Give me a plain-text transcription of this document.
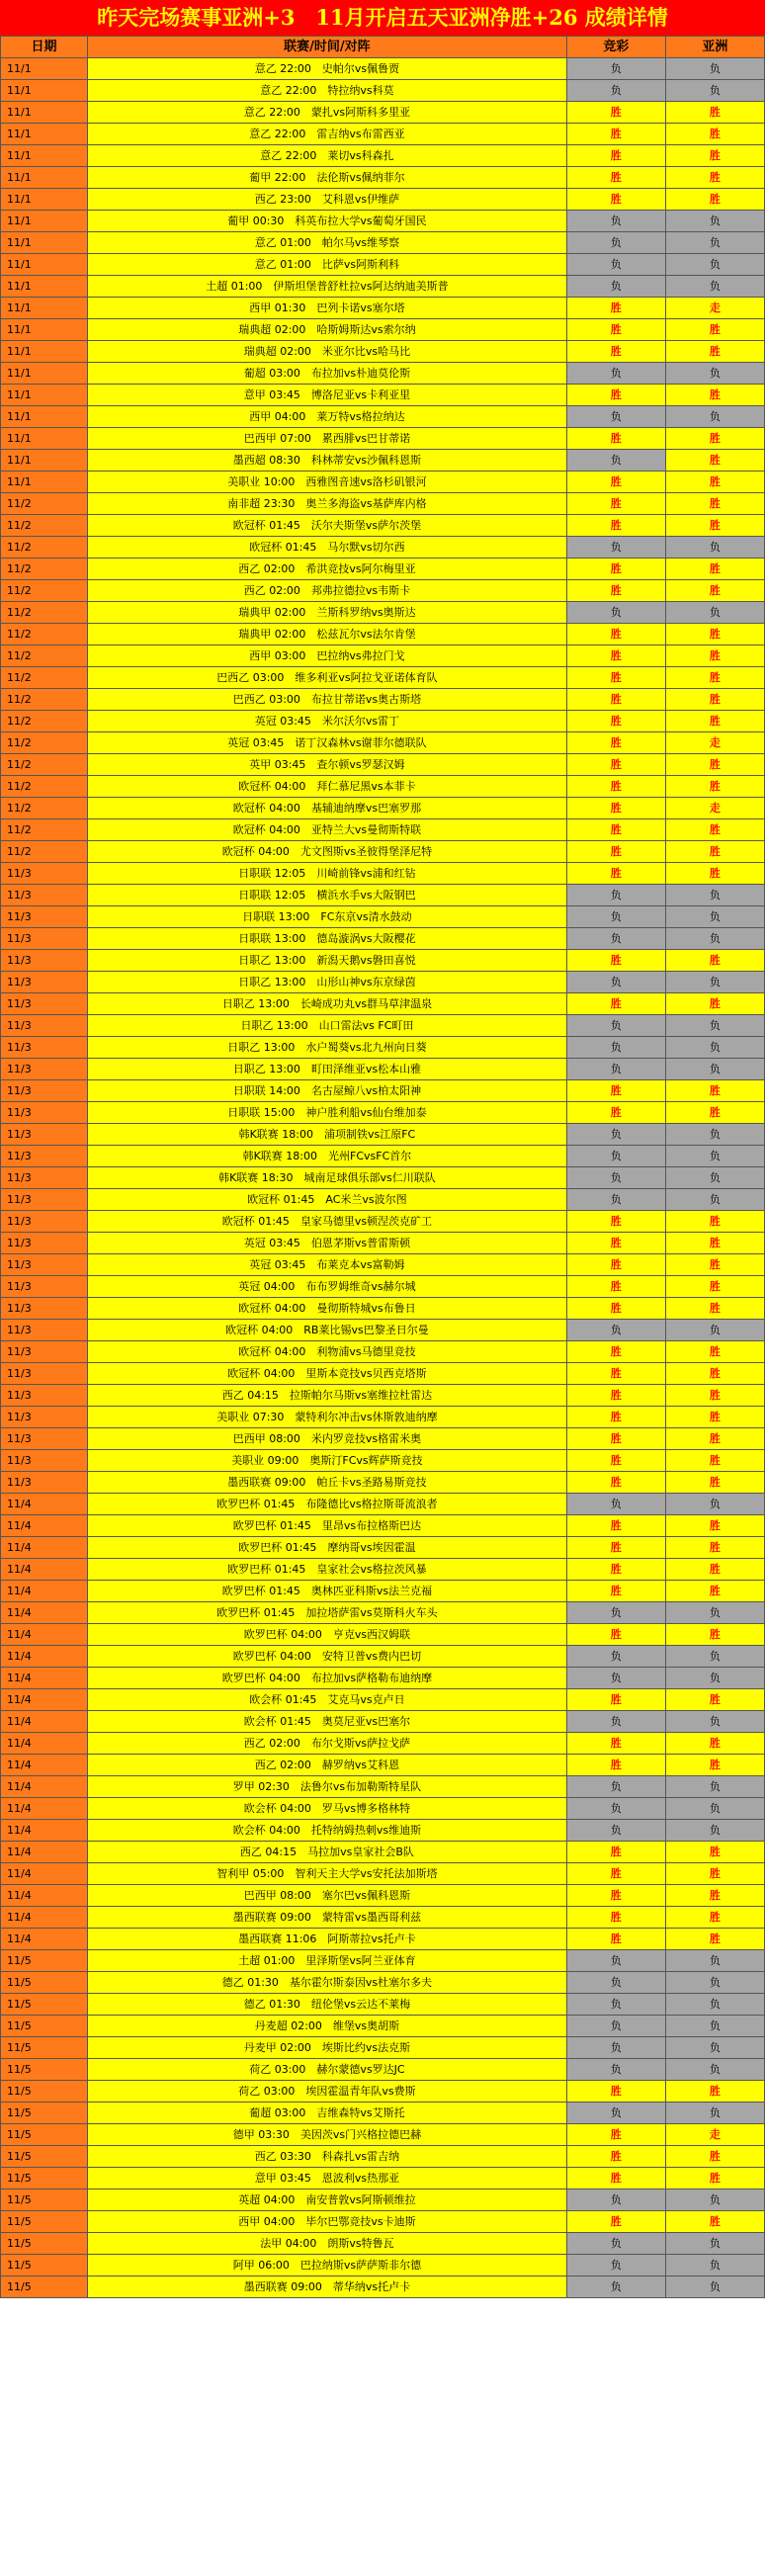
昨天完场赛事亚洲+3　11月开启五天亚洲净胜+26 成绩详情
日期	联赛/时间/对阵	竞彩	亚洲
11/1	意乙 22:00　史帕尔vs佩鲁贾	负	负
11/1	意乙 22:00　特拉纳vs科莫	负	负
11/1	意乙 22:00　蒙扎vs阿斯科多里亚	胜	胜
11/1	意乙 22:00　雷吉纳vs布雷西亚	胜	胜
11/1	意乙 22:00　莱切vs科森扎	胜	胜
11/1	葡甲 22:00　法伦斯vs佩纳菲尔	胜	胜
11/1	西乙 23:00　艾科恩vs伊维萨	胜	胜
11/1	葡甲 00:30　科英布拉大学vs葡萄牙国民	负	负
11/1	意乙 01:00　帕尔马vs维琴察	负	负
11/1	意乙 01:00　比萨vs阿斯利科	负	负
11/1	土超 01:00　伊斯坦堡普舒杜拉vs阿达纳迪美斯普	负	负
11/1	西甲 01:30　巴列卡诺vs塞尔塔	胜	走
11/1	瑞典超 02:00　哈斯姆斯达vs索尔纳	胜	胜
11/1	瑞典超 02:00　米亚尔比vs哈马比	胜	胜
11/1	葡超 03:00　布拉加vs朴迪莫伦斯	负	负
11/1	意甲 03:45　博洛尼亚vs卡利亚里	胜	胜
11/1	西甲 04:00　莱万特vs格拉纳达	负	负
11/1	巴西甲 07:00　累西腓vs巴甘蒂诺	胜	胜
11/1	墨西超 08:30　科林蒂安vs沙佩科恩斯	负	胜
11/1	美职业 10:00　西雅图音速vs洛杉矶银河	胜	胜
11/2	南非超 23:30　奥兰多海盗vs基萨库内格	胜	胜
11/2	欧冠杯 01:45　沃尔夫斯堡vs萨尔茨堡	胜	胜
11/2	欧冠杯 01:45　马尔默vs切尔西	负	负
11/2	西乙 02:00　希洪竞技vs阿尔梅里亚	胜	胜
11/2	西乙 02:00　邦弗拉德拉vs韦斯卡	胜	胜
11/2	瑞典甲 02:00　兰斯科罗纳vs奥斯达	负	负
11/2	瑞典甲 02:00　松兹瓦尔vs法尔肯堡	胜	胜
11/2	西甲 03:00　巴拉纳vs弗拉门戈	胜	胜
11/2	巴西乙 03:00　维多利亚vs阿拉戈亚诺体育队	胜	胜
11/2	巴西乙 03:00　布拉甘蒂诺vs奥古斯塔	胜	胜
11/2	英冠 03:45　米尔沃尔vs雷丁	胜	胜
11/2	英冠 03:45　诺丁汉森林vs谢菲尔德联队	胜	走
11/2	英甲 03:45　查尔顿vs罗瑟汉姆	胜	胜
11/2	欧冠杯 04:00　拜仁慕尼黑vs本菲卡	胜	胜
11/2	欧冠杯 04:00　基辅迪纳摩vs巴塞罗那	胜	走
11/2	欧冠杯 04:00　亚特兰大vs曼彻斯特联	胜	胜
11/2	欧冠杯 04:00　尤文图斯vs圣彼得堡泽尼特	胜	胜
11/3	日职联 12:05　川崎前锋vs浦和红钻	胜	胜
11/3	日职联 12:05　横浜水手vs大阪钢巴	负	负
11/3	日职联 13:00　FC东京vs清水鼓动	负	负
11/3	日职联 13:00　德岛漩涡vs大阪樱花	负	负
11/3	日职乙 13:00　新潟天鹅vs磐田喜悦	胜	胜
11/3	日职乙 13:00　山形山神vs东京绿茵	负	负
11/3	日职乙 13:00　长崎成功丸vs群马草津温泉	胜	胜
11/3	日职乙 13:00　山口雷法vs FC町田	负	负
11/3	日职乙 13:00　水户蜀葵vs北九州向日葵	负	负
11/3	日职乙 13:00　町田泽维亚vs松本山雅	负	负
11/3	日职联 14:00　名古屋鲸八vs柏太阳神	胜	胜
11/3	日职联 15:00　神户胜利船vs仙台维加泰	胜	胜
11/3	韩K联赛 18:00　浦项制铁vs江原FC	负	负
11/3	韩K联赛 18:00　光州FCvsFC首尔	负	负
11/3	韩K联赛 18:30　城南足球俱乐部vs仁川联队	负	负
11/3	欧冠杯 01:45　AC米兰vs波尔图	负	负
11/3	欧冠杯 01:45　皇家马德里vs顿涅茨克矿工	胜	胜
11/3	英冠 03:45　伯恩茅斯vs普雷斯顿	胜	胜
11/3	英冠 03:45　布莱克本vs富勒姆	胜	胜
11/3	英冠 04:00　布布罗姆维奇vs赫尔城	胜	胜
11/3	欧冠杯 04:00　曼彻斯特城vs布鲁日	胜	胜
11/3	欧冠杯 04:00　RB莱比锡vs巴黎圣日尔曼	负	负
11/3	欧冠杯 04:00　利物浦vs马德里竞技	胜	胜
11/3	欧冠杯 04:00　里斯本竞技vs贝西克塔斯	胜	胜
11/3	西乙 04:15　拉斯帕尔马斯vs塞维拉杜雷达	胜	胜
11/3	美职业 07:30　蒙特利尔冲击vs休斯敦迪纳摩	胜	胜
11/3	巴西甲 08:00　米内罗竞技vs格雷米奥	胜	胜
11/3	美职业 09:00　奥斯汀FCvs辉萨斯竞技	胜	胜
11/3	墨西联赛 09:00　帕丘卡vs圣路易斯竞技	胜	胜
11/4	欧罗巴杯 01:45　布隆德比vs格拉斯哥流浪者	负	负
11/4	欧罗巴杯 01:45　里昂vs布拉格斯巴达	胜	胜
11/4	欧罗巴杯 01:45　摩纳哥vs埃因霍温	胜	胜
11/4	欧罗巴杯 01:45　皇家社会vs格拉茨风暴	胜	胜
11/4	欧罗巴杯 01:45　奥林匹亚科斯vs法兰克福	胜	胜
11/4	欧罗巴杯 01:45　加拉塔萨雷vs莫斯科火车头	负	负
11/4	欧罗巴杯 04:00　亨克vs西汉姆联	胜	胜
11/4	欧罗巴杯 04:00　安特卫普vs费内巴切	负	负
11/4	欧罗巴杯 04:00　布拉加vs萨格勒布迪纳摩	负	负
11/4	欧会杯 01:45　艾克马vs克卢日	胜	胜
11/4	欧会杯 01:45　奥莫尼亚vs巴塞尔	负	负
11/4	西乙 02:00　布尔戈斯vs萨拉戈萨	胜	胜
11/4	西乙 02:00　赫罗纳vs艾科恩	胜	胜
11/4	罗甲 02:30　法鲁尔vs布加勒斯特星队	负	负
11/4	欧会杯 04:00　罗马vs博多格林特	负	负
11/4	欧会杯 04:00　托特纳姆热刺vs维迪斯	负	负
11/4	西乙 04:15　马拉加vs皇家社会B队	胜	胜
11/4	智利甲 05:00　智利天主大学vs安托法加斯塔	胜	胜
11/4	巴西甲 08:00　塞尔巴vs佩科恩斯	胜	胜
11/4	墨西联赛 09:00　蒙特雷vs墨西哥利兹	胜	胜
11/4	墨西联赛 11:06　阿斯蒂拉vs托卢卡	胜	胜
11/5	土超 01:00　里泽斯堡vs阿兰亚体育	负	负
11/5	德乙 01:30　基尔霍尔斯泰因vs杜塞尔多夫	负	负
11/5	德乙 01:30　纽伦堡vs云达不莱梅	负	负
11/5	丹麦超 02:00　维堡vs奥胡斯	负	负
11/5	丹麦甲 02:00　埃斯比约vs法克斯	负	负
11/5	荷乙 03:00　赫尔蒙德vs罗达JC	负	负
11/5	荷乙 03:00　埃因霍温青年队vs费斯	胜	胜
11/5	葡超 03:00　吉维森特vs艾斯托	负	负
11/5	德甲 03:30　美因茨vs门兴格拉德巴赫	胜	走
11/5	西乙 03:30　科森扎vs雷吉纳	胜	胜
11/5	意甲 03:45　恩波利vs热那亚	胜	胜
11/5	英超 04:00　南安普敦vs阿斯顿维拉	负	负
11/5	西甲 04:00　毕尔巴鄂竞技vs卡迪斯	胜	胜
11/5	法甲 04:00　朗斯vs特鲁瓦	负	负
11/5	阿甲 06:00　巴拉纳斯vs萨萨斯非尔德	负	负
11/5	墨西联赛 09:00　蒂华纳vs托卢卡	负	负
